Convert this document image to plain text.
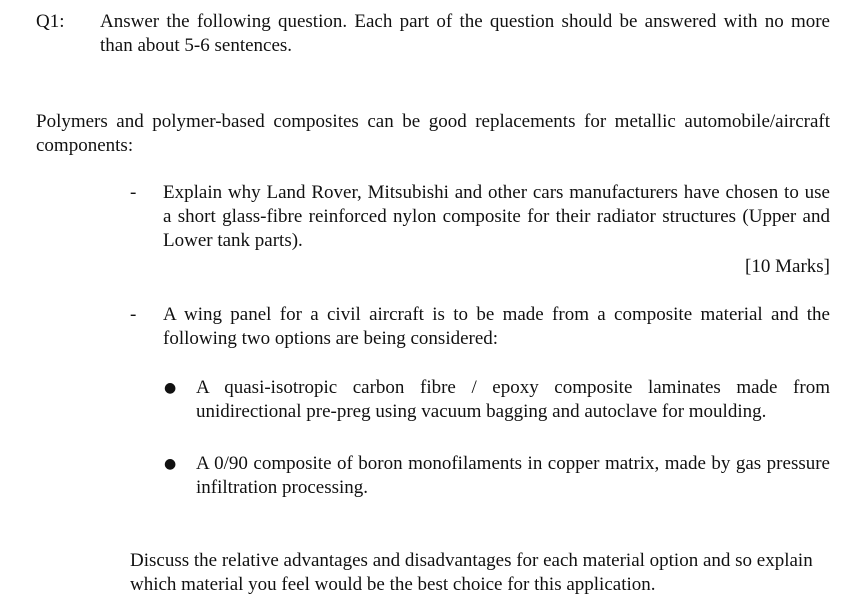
Q1:	Answer the following question. Each part of the question should be answered with no more than about 5-6 sentences.
Polymers and polymer-based composites can be good replacements for metallic automobile/aircraft components:
-	Explain why Land Rover, Mitsubishi and other cars manufacturers have chosen to use a short glass-fibre reinforced nylon composite for their radiator structures (Upper and Lower tank parts).
[10 Marks]
-	A wing panel for a civil aircraft is to be made from a composite material and the following two options are being considered:
●	A quasi-isotropic carbon fibre / epoxy composite laminates made from unidirectional pre-preg using vacuum bagging and autoclave for moulding.
●	A 0/90 composite of boron monofilaments in copper matrix, made by gas pressure infiltration processing.
Discuss the relative advantages and disadvantages for each material option and so explain which material you feel would be the best choice for this application.
